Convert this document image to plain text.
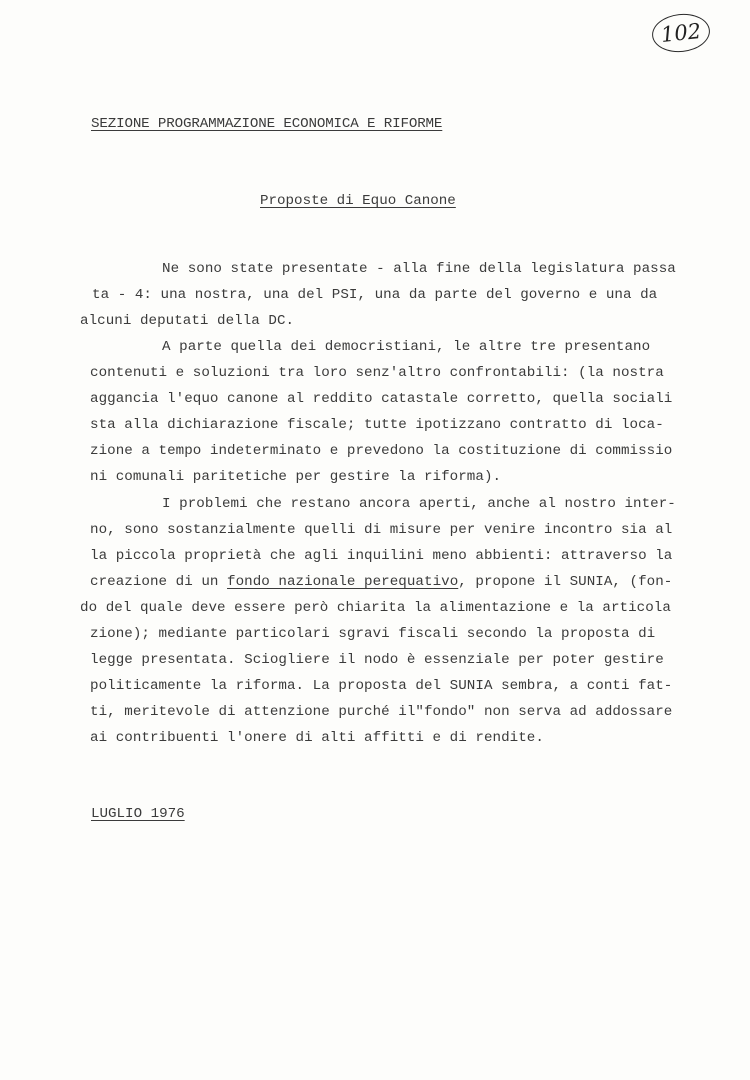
102
SEZIONE PROGRAMMAZIONE ECONOMICA E RIFORME
Proposte di Equo Canone
Ne sono state presentate - alla fine della legislatura passa
ta - 4: una nostra, una del PSI, una da parte del governo e una da
alcuni deputati della DC.
A parte quella dei democristiani, le altre tre presentano
contenuti e soluzioni tra loro senz'altro confrontabili: (la nostra
aggancia l'equo canone al reddito catastale corretto, quella sociali
sta alla dichiarazione fiscale; tutte ipotizzano contratto di loca-
zione a tempo indeterminato e prevedono la costituzione di commissio
ni comunali paritetiche per gestire la riforma).
I problemi che restano ancora aperti, anche al nostro inter-
no, sono sostanzialmente quelli di misure per venire incontro sia al
la piccola proprietà che agli inquilini meno abbienti: attraverso la
creazione di un fondo nazionale perequativo, propone il SUNIA, (fon-
do del quale deve essere però chiarita la alimentazione e la articola
zione); mediante particolari sgravi fiscali secondo la proposta di
legge presentata. Sciogliere il nodo è essenziale per poter gestire
politicamente la riforma. La proposta del SUNIA sembra, a conti fat-
ti, meritevole di attenzione purché il"fondo" non serva ad addossare
ai contribuenti l'onere di alti affitti e di rendite.
LUGLIO 1976
